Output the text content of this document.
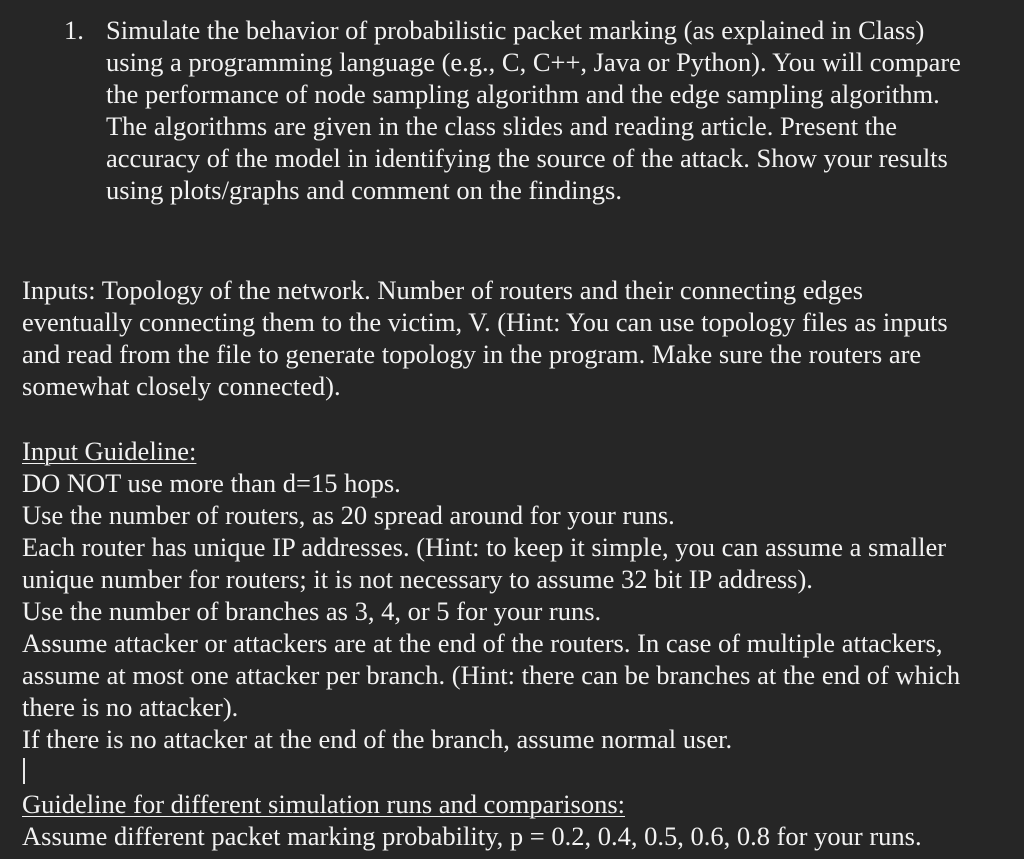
1. Simulate the behavior of probabilistic packet marking (as explained in Class)
using a programming language (e.g., C, C++, Java or Python). You will compare
the performance of node sampling algorithm and the edge sampling algorithm.
The algorithms are given in the class slides and reading article. Present the
accuracy of the model in identifying the source of the attack. Show your results
using plots/graphs and comment on the findings.
Inputs: Topology of the network. Number of routers and their connecting edges
eventually connecting them to the victim, V. (Hint: You can use topology files as inputs
and read from the file to generate topology in the program. Make sure the routers are
somewhat closely connected).
Input Guideline:
DO NOT use more than d=15 hops.
Use the number of routers, as 20 spread around for your runs.
Each router has unique IP addresses. (Hint: to keep it simple, you can assume a smaller
unique number for routers; it is not necessary to assume 32 bit IP address).
Use the number of branches as 3, 4, or 5 for your runs.
Assume attacker or attackers are at the end of the routers. In case of multiple attackers,
assume at most one attacker per branch. (Hint: there can be branches at the end of which
there is no attacker).
If there is no attacker at the end of the branch, assume normal user.
Guideline for different simulation runs and comparisons:
Assume different packet marking probability, p = 0.2, 0.4, 0.5, 0.6, 0.8 for your runs.
